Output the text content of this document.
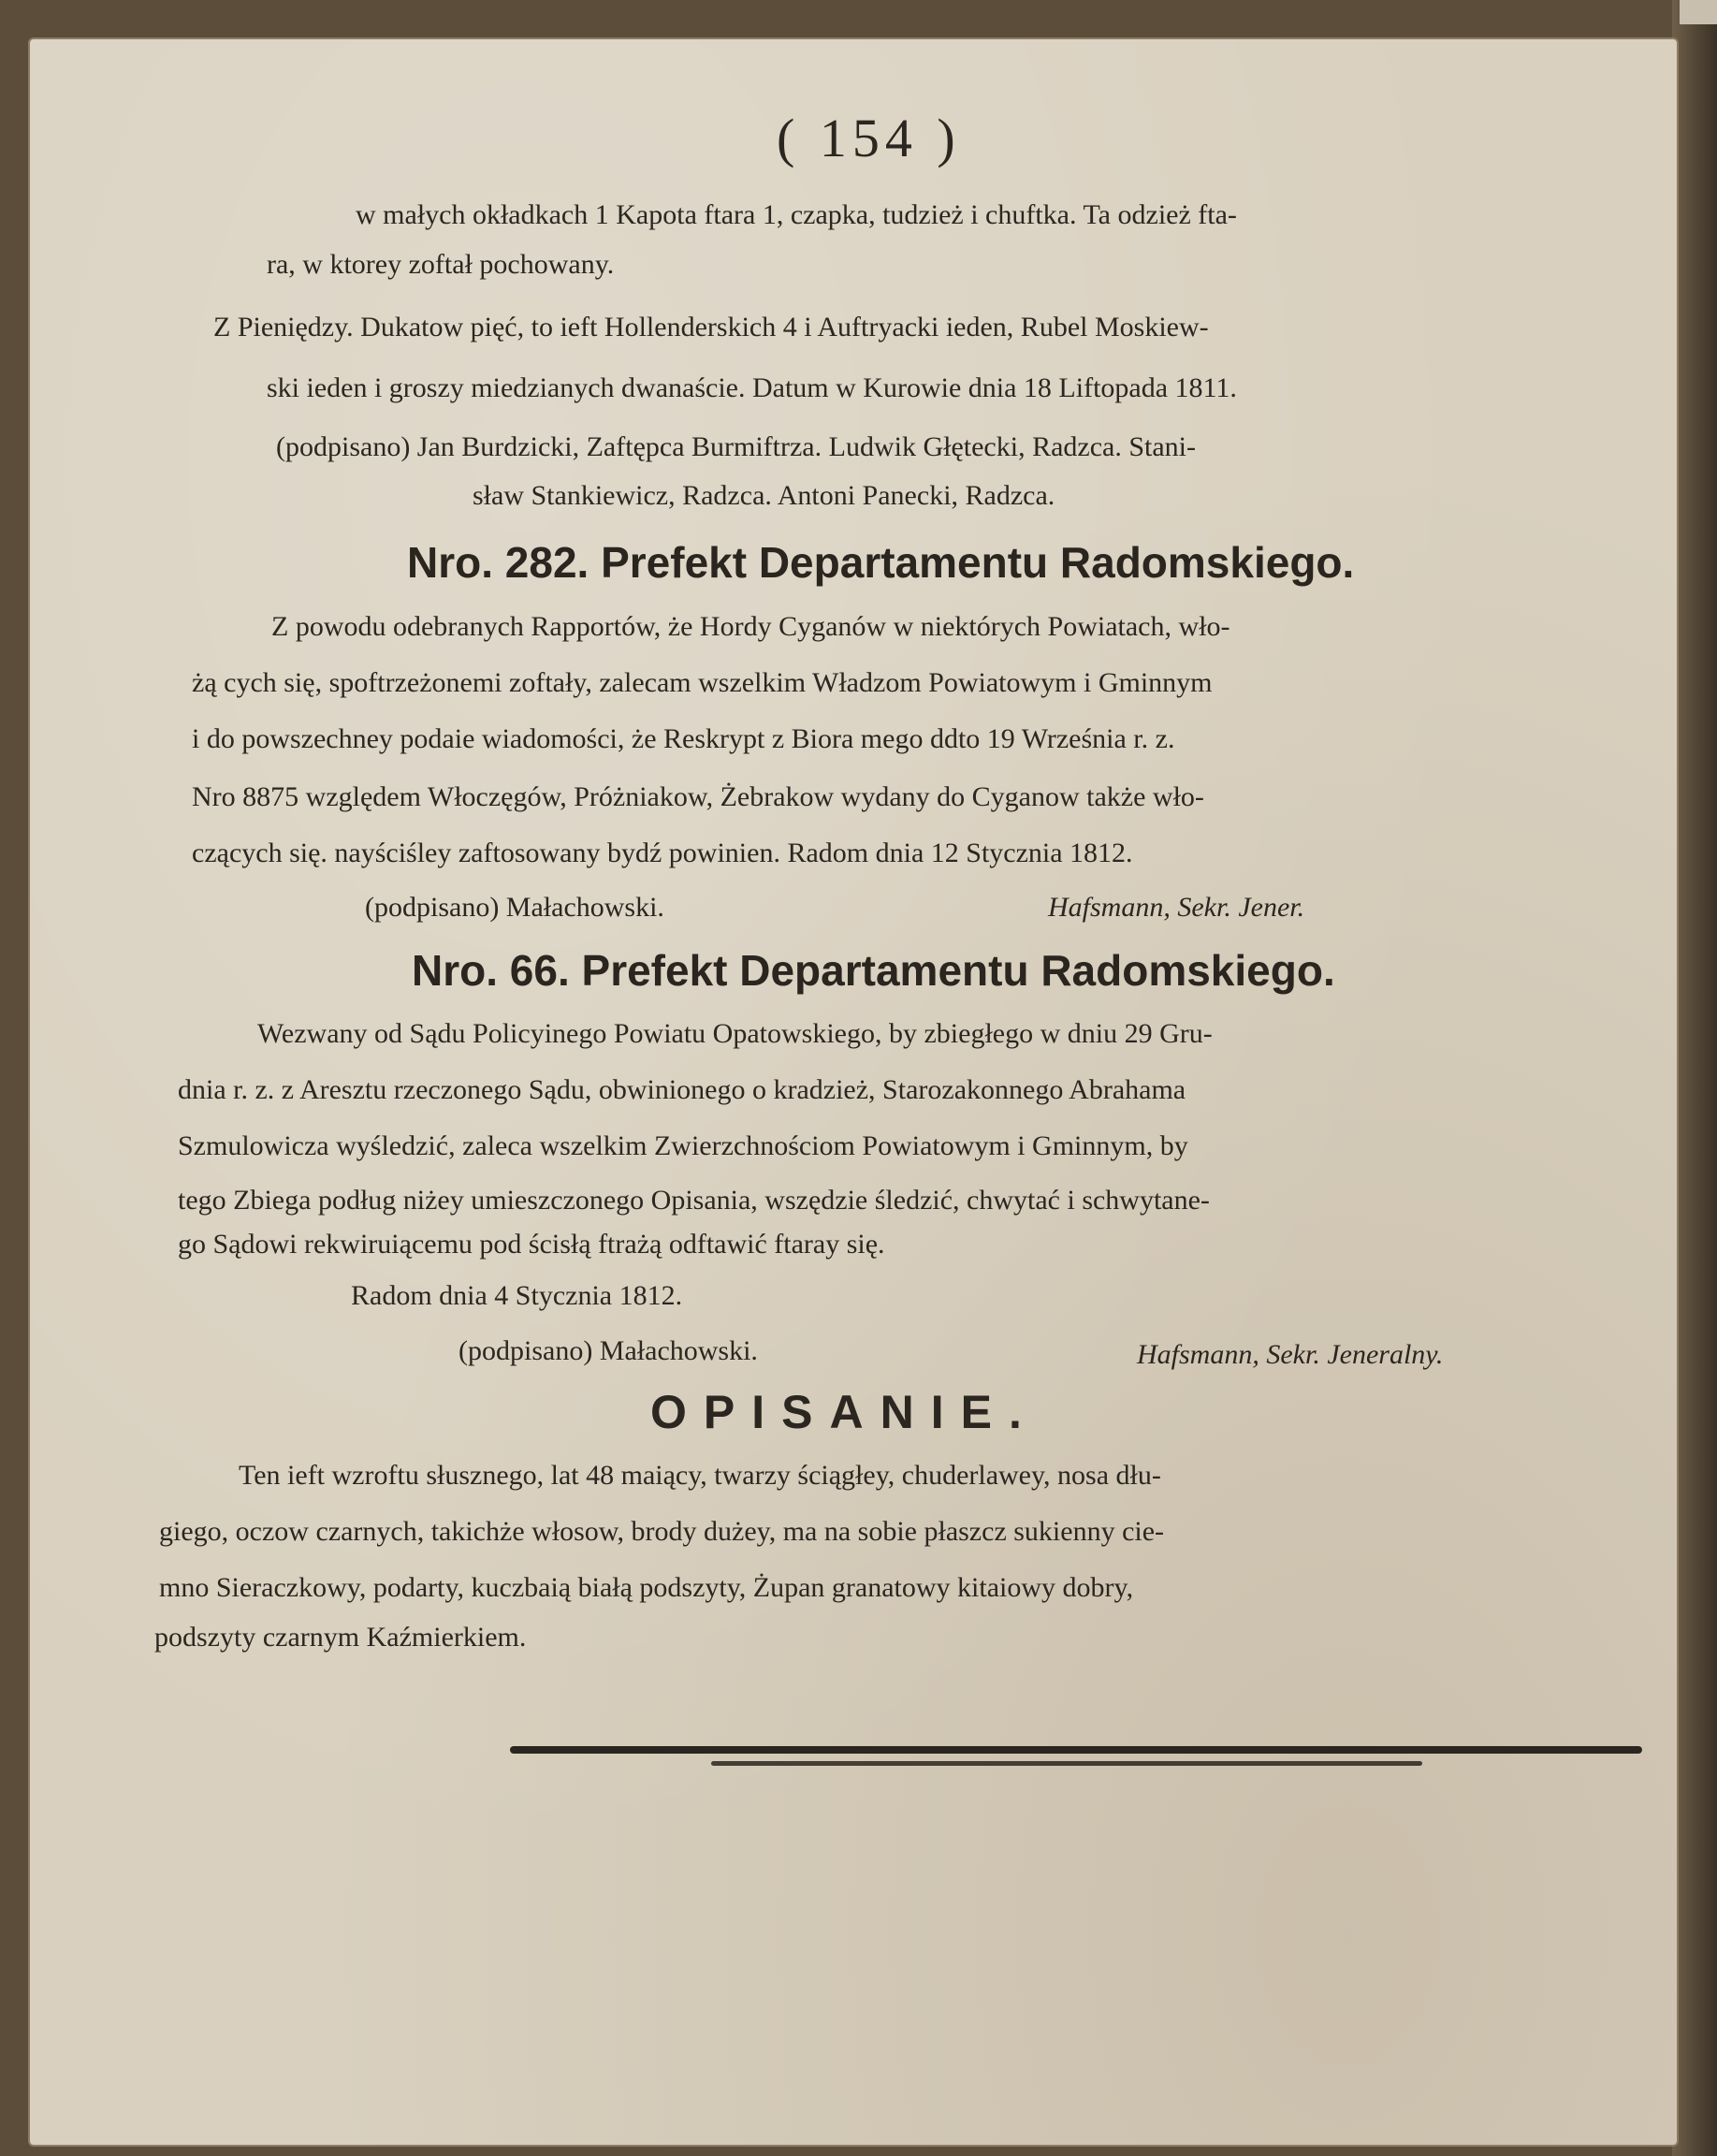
( 154 )
w małych okładkach 1 Kapota ftara 1, czapka, tudzież i chuftka. Ta odzież fta-
ra, w ktorey zoftał pochowany.
Z Pieniędzy. Dukatow pięć, to ieft Hollenderskich 4 i Auftryacki ieden, Rubel Moskiew-
ski ieden i groszy miedzianych dwanaście. Datum w Kurowie dnia 18 Liftopada 1811.
(podpisano) Jan Burdzicki, Zaftępca Burmiftrza. Ludwik Głętecki, Radzca. Stani-
sław Stankiewicz, Radzca. Antoni Panecki, Radzca.
Nro. 282. Prefekt Departamentu Radomskiego.
Z powodu odebranych Rapportów, że Hordy Cyganów w niektórych Powiatach, wło-
żą cych się, spoftrzeżonemi zoftały, zalecam wszelkim Władzom Powiatowym i Gminnym
i do powszechney podaie wiadomości, że Reskrypt z Biora mego ddto 19 Września r. z.
Nro 8875 względem Włoczęgów, Próżniakow, Żebrakow wydany do Cyganow także wło-
czących się. nayściśley zaftosowany bydź powinien. Radom dnia 12 Stycznia 1812.
(podpisano) Małachowski.	Hafsmann, Sekr. Jener.
Nro. 66. Prefekt Departamentu Radomskiego.
Wezwany od Sądu Policyinego Powiatu Opatowskiego, by zbiegłego w dniu 29 Gru-
dnia r. z. z Aresztu rzeczonego Sądu, obwinionego o kradzież, Starozakonnego Abrahama
Szmulowicza wyśledzić, zaleca wszelkim Zwierzchnościom Powiatowym i Gminnym, by
tego Zbiega podług niżey umieszczonego Opisania, wszędzie śledzić, chwytać i schwytane-
go Sądowi rekwiruiącemu pod ścisłą ftrażą odftawić ftaray się.
Radom dnia 4 Stycznia 1812.
(podpisano) Małachowski.	Hafsmann, Sekr. Jeneralny.
OPISANIE.
Ten ieft wzroftu słusznego, lat 48 maiący, twarzy ściągłey, chuderlawey, nosa dłu-
giego, oczow czarnych, takichże włosow, brody dużey, ma na sobie płaszcz sukienny cie-
mno Sieraczkowy, podarty, kuczbaią białą podszyty, Żupan granatowy kitaiowy dobry,
podszyty czarnym Kaźmierkiem.
